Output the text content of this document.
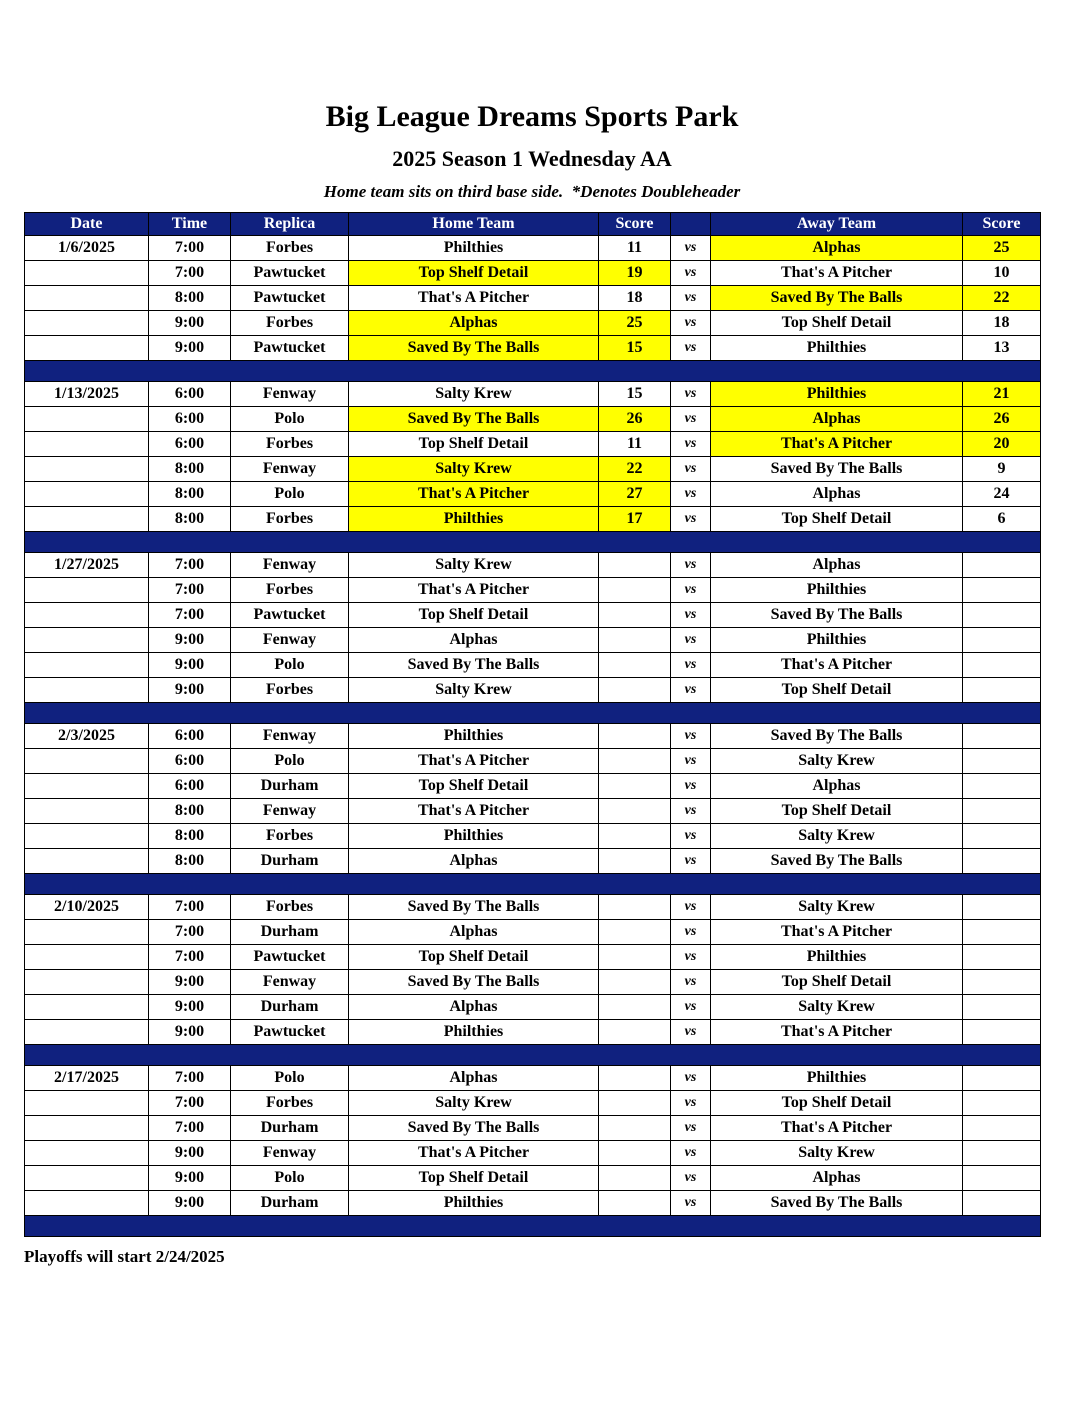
Big League Dreams Sports Park
2025 Season 1 Wednesday AA

Home team sits on third base side.  *Denotes Doubleheader

Date	Time	Replica	Home Team	Score		Away Team	Score
1/6/2025	7:00	Forbes	Philthies	11	vs	Alphas	25
	7:00	Pawtucket	Top Shelf Detail	19	vs	That's A Pitcher	10
	8:00	Pawtucket	That's A Pitcher	18	vs	Saved By The Balls	22
	9:00	Forbes	Alphas	25	vs	Top Shelf Detail	18
	9:00	Pawtucket	Saved By The Balls	15	vs	Philthies	13

1/13/2025	6:00	Fenway	Salty Krew	15	vs	Philthies	21
	6:00	Polo	Saved By The Balls	26	vs	Alphas	26
	6:00	Forbes	Top Shelf Detail	11	vs	That's A Pitcher	20
	8:00	Fenway	Salty Krew	22	vs	Saved By The Balls	9
	8:00	Polo	That's A Pitcher	27	vs	Alphas	24
	8:00	Forbes	Philthies	17	vs	Top Shelf Detail	6

1/27/2025	7:00	Fenway	Salty Krew		vs	Alphas	
	7:00	Forbes	That's A Pitcher		vs	Philthies	
	7:00	Pawtucket	Top Shelf Detail		vs	Saved By The Balls	
	9:00	Fenway	Alphas		vs	Philthies	
	9:00	Polo	Saved By The Balls		vs	That's A Pitcher	
	9:00	Forbes	Salty Krew		vs	Top Shelf Detail	

2/3/2025	6:00	Fenway	Philthies		vs	Saved By The Balls	
	6:00	Polo	That's A Pitcher		vs	Salty Krew	
	6:00	Durham	Top Shelf Detail		vs	Alphas	
	8:00	Fenway	That's A Pitcher		vs	Top Shelf Detail	
	8:00	Forbes	Philthies		vs	Salty Krew	
	8:00	Durham	Alphas		vs	Saved By The Balls	

2/10/2025	7:00	Forbes	Saved By The Balls		vs	Salty Krew	
	7:00	Durham	Alphas		vs	That's A Pitcher	
	7:00	Pawtucket	Top Shelf Detail		vs	Philthies	
	9:00	Fenway	Saved By The Balls		vs	Top Shelf Detail	
	9:00	Durham	Alphas		vs	Salty Krew	
	9:00	Pawtucket	Philthies		vs	That's A Pitcher	

2/17/2025	7:00	Polo	Alphas		vs	Philthies	
	7:00	Forbes	Salty Krew		vs	Top Shelf Detail	
	7:00	Durham	Saved By The Balls		vs	That's A Pitcher	
	9:00	Fenway	That's A Pitcher		vs	Salty Krew	
	9:00	Polo	Top Shelf Detail		vs	Alphas	
	9:00	Durham	Philthies		vs	Saved By The Balls	

Playoffs will start 2/24/2025
